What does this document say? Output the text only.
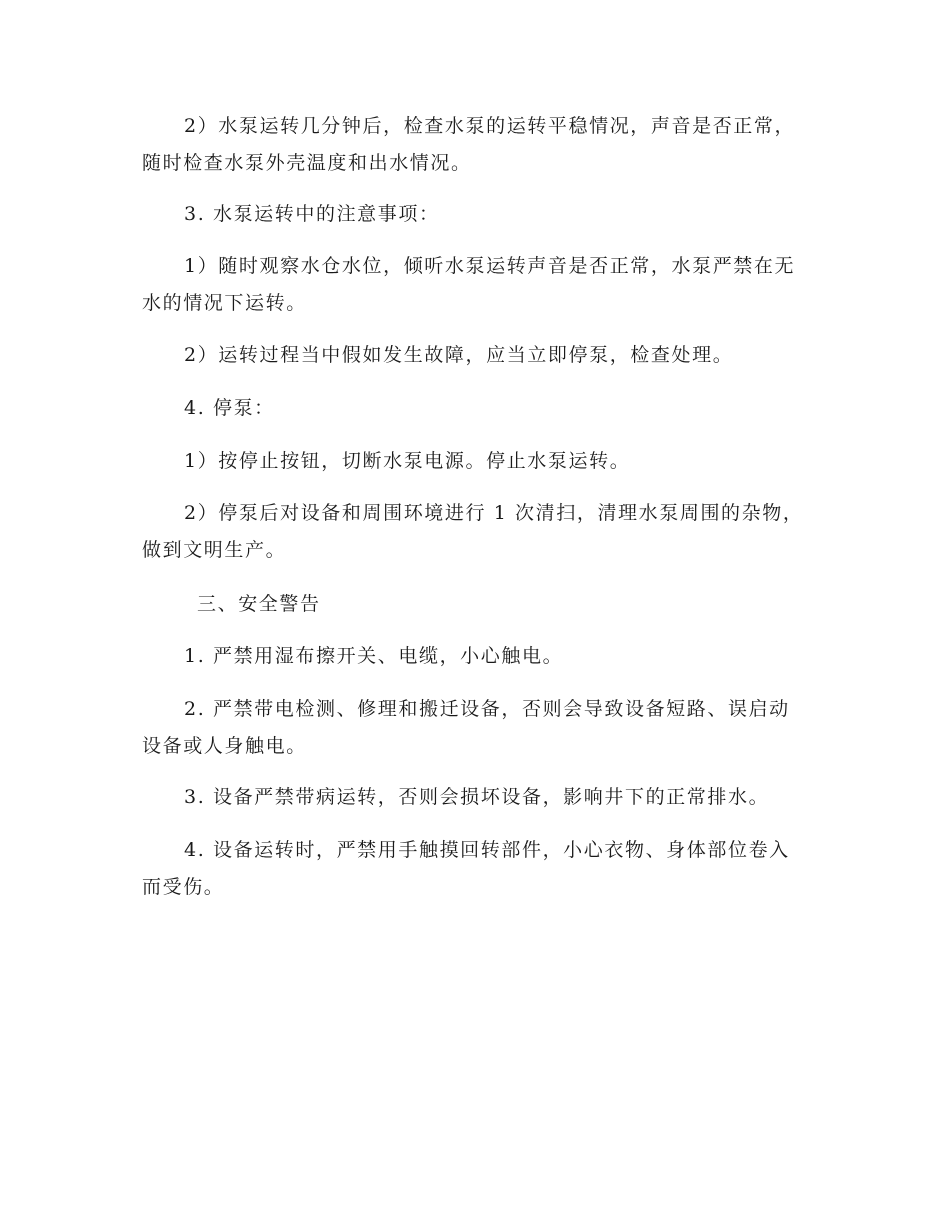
2）水泵运转几分钟后，检查水泵的运转平稳情况，声音是否正常，随时检查水泵外壳温度和出水情况。

3. 水泵运转中的注意事项：

1）随时观察水仓水位，倾听水泵运转声音是否正常，水泵严禁在无水的情况下运转。

2）运转过程当中假如发生故障，应当立即停泵，检查处理。

4. 停泵：

1）按停止按钮，切断水泵电源。停止水泵运转。

2）停泵后对设备和周围环境进行 1 次清扫，清理水泵周围的杂物，做到文明生产。

三、安全警告

1. 严禁用湿布擦开关、电缆，小心触电。

2. 严禁带电检测、修理和搬迁设备，否则会导致设备短路、误启动设备或人身触电。

3. 设备严禁带病运转，否则会损坏设备，影响井下的正常排水。

4. 设备运转时，严禁用手触摸回转部件，小心衣物、身体部位卷入而受伤。
